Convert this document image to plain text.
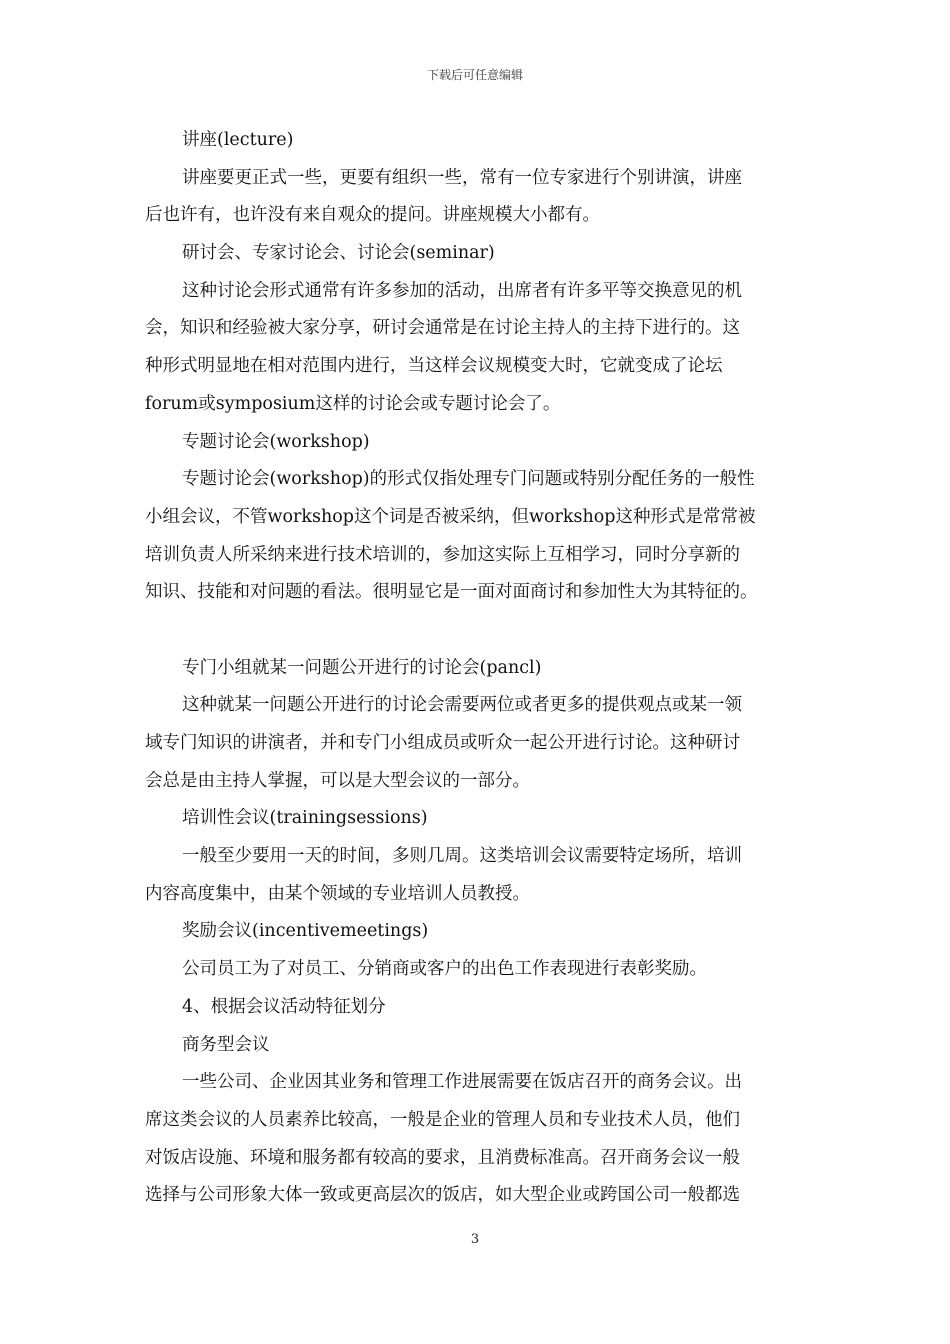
下载后可任意编辑
讲座(lecture)
讲座要更正式一些，更要有组织一些，常有一位专家进行个别讲演，讲座
后也许有，也许没有来自观众的提问。讲座规模大小都有。
研讨会、专家讨论会、讨论会(seminar)
这种讨论会形式通常有许多参加的活动，出席者有许多平等交换意见的机
会，知识和经验被大家分享，研讨会通常是在讨论主持人的主持下进行的。这
种形式明显地在相对范围内进行，当这样会议规模变大时，它就变成了论坛
forum或symposium这样的讨论会或专题讨论会了。
专题讨论会(workshop)
专题讨论会(workshop)的形式仅指处理专门问题或特别分配任务的一般性
小组会议，不管workshop这个词是否被采纳，但workshop这种形式是常常被
培训负责人所采纳来进行技术培训的，参加这实际上互相学习，同时分享新的
知识、技能和对问题的看法。很明显它是一面对面商讨和参加性大为其特征的。
专门小组就某一问题公开进行的讨论会(pancl)
这种就某一问题公开进行的讨论会需要两位或者更多的提供观点或某一领
域专门知识的讲演者，并和专门小组成员或听众一起公开进行讨论。这种研讨
会总是由主持人掌握，可以是大型会议的一部分。
培训性会议(trainingsessions)
一般至少要用一天的时间，多则几周。这类培训会议需要特定场所，培训
内容高度集中，由某个领域的专业培训人员教授。
奖励会议(incentivemeetings)
公司员工为了对员工、分销商或客户的出色工作表现进行表彰奖励。
4、根据会议活动特征划分
商务型会议
一些公司、企业因其业务和管理工作进展需要在饭店召开的商务会议。出
席这类会议的人员素养比较高，一般是企业的管理人员和专业技术人员，他们
对饭店设施、环境和服务都有较高的要求，且消费标准高。召开商务会议一般
选择与公司形象大体一致或更高层次的饭店，如大型企业或跨国公司一般都选
3
